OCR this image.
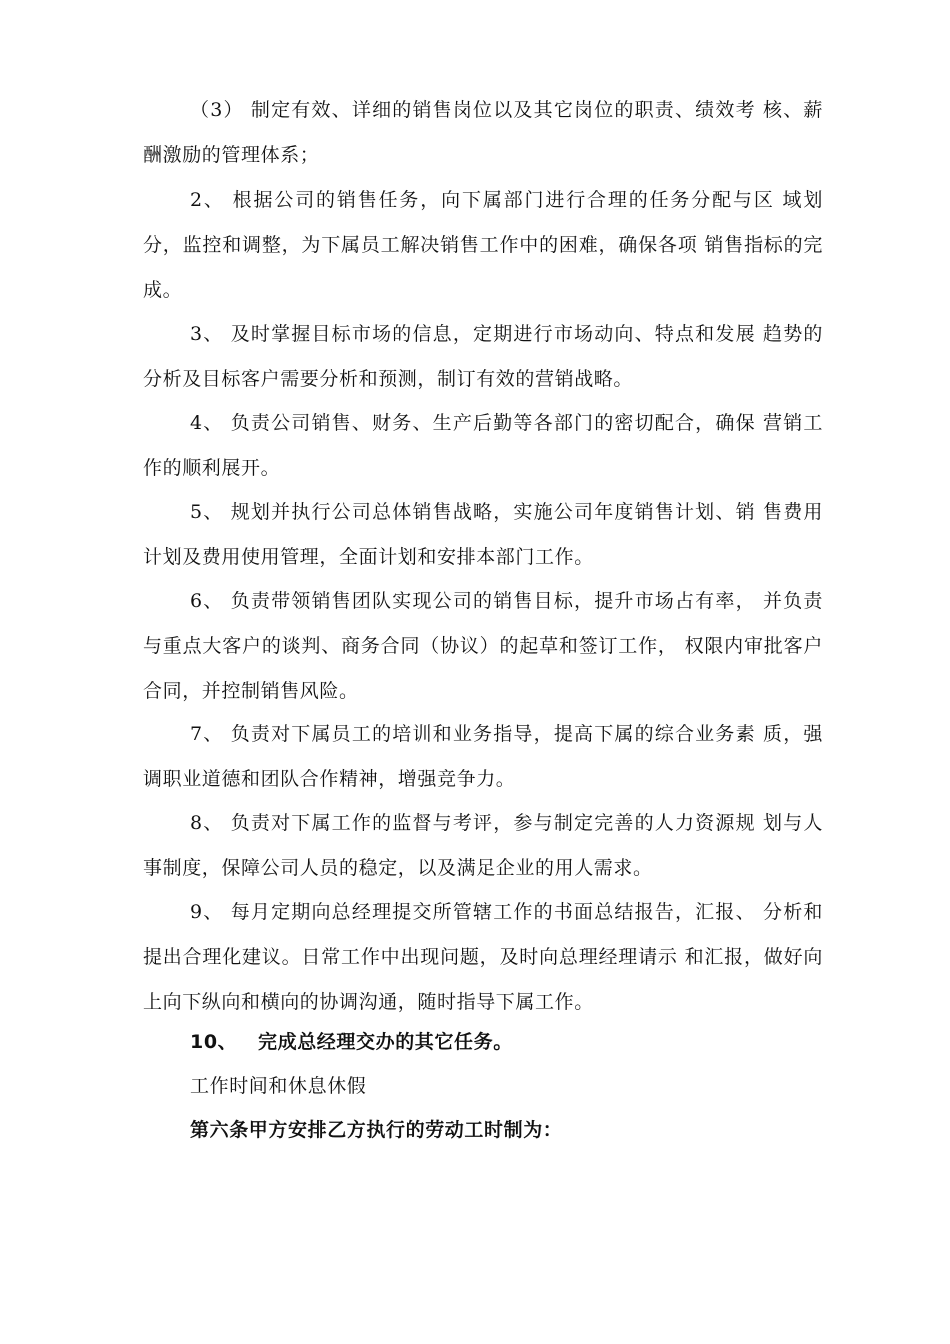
（3） 制定有效、详细的销售岗位以及其它岗位的职责、绩效考 核、薪酬激励的管理体系；

2、 根据公司的销售任务，向下属部门进行合理的任务分配与区 域划分，监控和调整，为下属员工解决销售工作中的困难，确保各项 销售指标的完成。

3、 及时掌握目标市场的信息，定期进行市场动向、特点和发展 趋势的分析及目标客户需要分析和预测，制订有效的营销战略。

4、 负责公司销售、财务、生产后勤等各部门的密切配合，确保 营销工作的顺利展开。

5、 规划并执行公司总体销售战略，实施公司年度销售计划、销 售费用计划及费用使用管理，全面计划和安排本部门工作。

6、 负责带领销售团队实现公司的销售目标，提升市场占有率， 并负责与重点大客户的谈判、商务合同（协议）的起草和签订工作， 权限内审批客户合同，并控制销售风险。

7、 负责对下属员工的培训和业务指导，提高下属的综合业务素 质，强调职业道德和团队合作精神，增强竞争力。

8、 负责对下属工作的监督与考评，参与制定完善的人力资源规 划与人事制度，保障公司人员的稳定，以及满足企业的用人需求。

9、 每月定期向总经理提交所管辖工作的书面总结报告，汇报、 分析和提出合理化建议。日常工作中出现问题，及时向总理经理请示 和汇报，做好向上向下纵向和横向的协调沟通，随时指导下属工作。

10、 完成总经理交办的其它任务。
工作时间和休息休假
第六条甲方安排乙方执行的劳动工时制为：
